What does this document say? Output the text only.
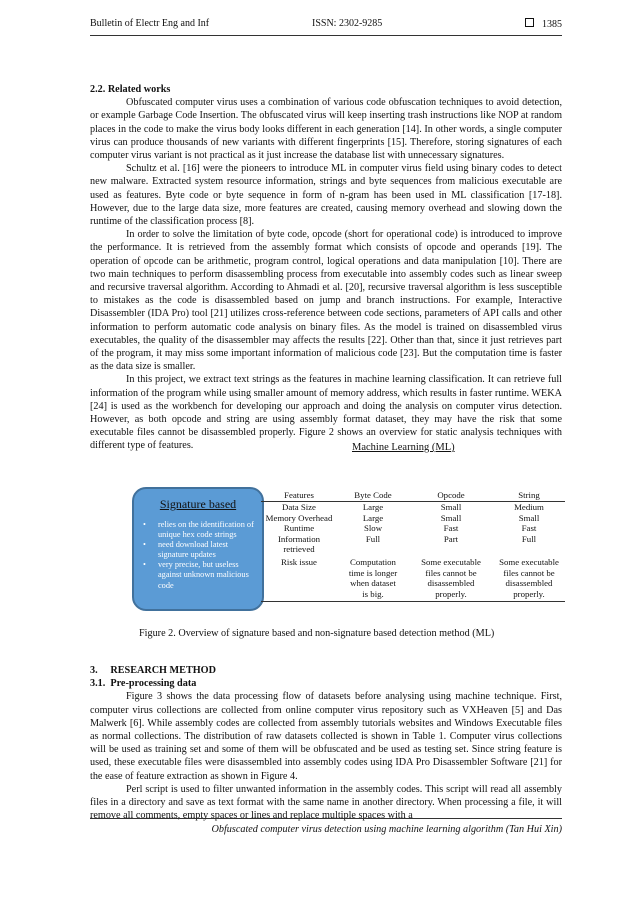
Bulletin of Electr Eng and Inf	ISSN: 2302-9285	1385
2.2. Related works

Obfuscated computer virus uses a combination of various code obfuscation techniques to avoid detection, or example Garbage Code Insertion. The obfuscated virus will keep inserting trash instructions like NOP at random places in the code to make the virus body looks different in each generation [14]. In other words, a single computer virus can produce thousands of new variants with different fingerprints [15]. Therefore, storing signatures of each computer virus variant is not practical as it just increase the database list with unnecessary signatures.

Schultz et al. [16] were the pioneers to introduce ML in computer virus field using binary codes to detect new malware. Extracted system resource information, strings and byte sequences from malicious executable are used as features. Byte code or byte sequence in form of n-gram has been used in ML classification [17-18]. However, due to the large data size, more features are created, causing memory overhead and slowing down the runtime of the classification process [8].

In order to solve the limitation of byte code, opcode (short for operational code) is introduced to improve the performance. It is retrieved from the assembly format which consists of opcode and operands [19]. The operation of opcode can be arithmetic, program control, logical operations and data manipulation [10]. There are two main techniques to perform disassembling process from executable into assembly codes such as linear sweep and recursive traversal algorithm. According to Ahmadi et al. [20], recursive traversal algorithm is less susceptible to mistakes as the code is disassembled based on jump and branch instructions. For example, Interactive Disassembler (IDA Pro) tool [21] utilizes cross-reference between code sections, parameters of API calls and other information to perform automatic code analysis on binary files. As the model is trained on disassembled virus executables, the quality of the disassembler may affects the results [22]. Other than that, since it just retrieves part of the program, it may miss some important information of malicious code [23]. But the computation time is faster as the data size is smaller.

In this project, we extract text strings as the features in machine learning classification. It can retrieve full information of the program while using smaller amount of memory address, which results in faster runtime. WEKA [24] is used as the workbench for developing our approach and doing the analysis on computer virus detection. However, as both opcode and string are using assembly format dataset, they may have the risk that some executable files cannot be disassembled properly. Figure 2 shows an overview for static analysis techniques with different type of features.	Machine Learning (ML)
Signature based
• relies on the identification of unique hex code strings
• need download latest signature updates
• very precise, but useless against unknown malicious code
Features	Byte Code	Opcode	String
Data Size	Large	Small	Medium
Memory Overhead	Large	Small	Small
Runtime	Slow	Fast	Fast
Information retrieved	Full	Part	Full
Risk issue	Computation time is longer when dataset is big.	Some executable files cannot be disassembled properly.	Some executable files cannot be disassembled properly.
Figure 2. Overview of signature based and non-signature based detection method (ML)
3.     RESEARCH METHOD
3.1.  Pre-processing data

Figure 3 shows the data processing flow of datasets before analysing using machine technique. First, computer virus collections are collected from online computer virus repository such as VXHeaven [5] and Das Malwerk [6]. While assembly codes are collected from assembly tutorials websites and Windows Executable files as normal collections. The distribution of raw datasets collected is shown in Table 1. Computer virus collections will be used as training set and some of them will be obfuscated and be used as testing set. Since string feature is used, these executable files were disassembled into assembly codes using IDA Pro Disassembler Software [21] for the ease of feature extraction as shown in Figure 4.

Perl script is used to filter unwanted information in the assembly codes. This script will read all assembly files in a directory and save as text format with the same name in another directory. When processing a file, it will remove all comments, empty spaces or lines and replace multiple spaces with a

Obfuscated computer virus detection using machine learning algorithm (Tan Hui Xin)
